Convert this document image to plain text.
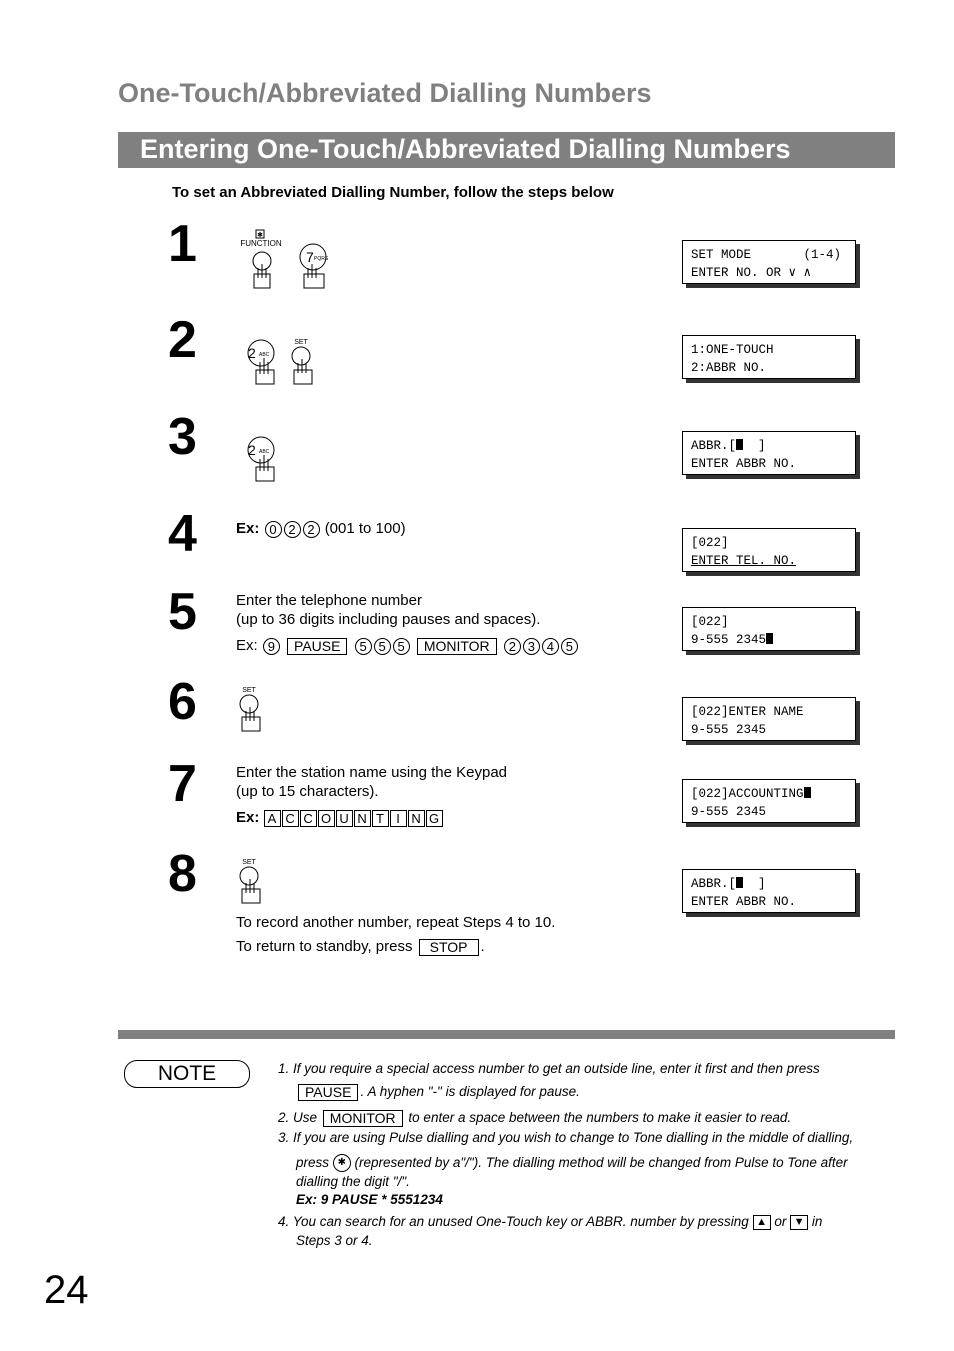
One-Touch/Abbreviated Dialling Numbers
Entering One-Touch/Abbreviated Dialling Numbers
To set an Abbreviated Dialling Number, follow the steps below
1
2
3
4
5
6
7
8
✱
FUNCTION
7 PQRS
2 ABC
SET
2 ABC
Ex: 0 2 2 (001 to 100)
Enter the telephone number
(up to 36 digits including pauses and spaces).
Ex: 9 PAUSE 5 5 5 MONITOR 2 3 4 5
SET
Enter the station name using the Keypad
(up to 15 characters).
Ex: A C C O U N T I N G
SET
To record another number, repeat Steps 4 to 10.
To return to standby, press STOP .
SET MODE       (1-4)
ENTER NO. OR ∨ ∧
1:ONE-TOUCH
2:ABBR NO.
ABBR.[  ]
ENTER ABBR NO.
[022]
ENTER TEL. NO.
[022]
9-555 2345
[022]ENTER NAME
9-555 2345
[022]ACCOUNTING
9-555 2345
ABBR.[  ]
ENTER ABBR NO.
NOTE	1. If you require a special access number to get an outside line, enter it first and then press
PAUSE . A hyphen "-" is displayed for pause.
2. Use MONITOR to enter a space between the numbers to make it easier to read.
3. If you are using Pulse dialling and you wish to change to Tone dialling in the middle of dialling,
press ✱ (represented by a"/"). The dialling method will be changed from Pulse to Tone after
dialling the digit "/".
Ex: 9 PAUSE * 5551234
4. You can search for an unused One-Touch key or ABBR. number by pressing ▲ or ▼ in
Steps 3 or 4.
24
